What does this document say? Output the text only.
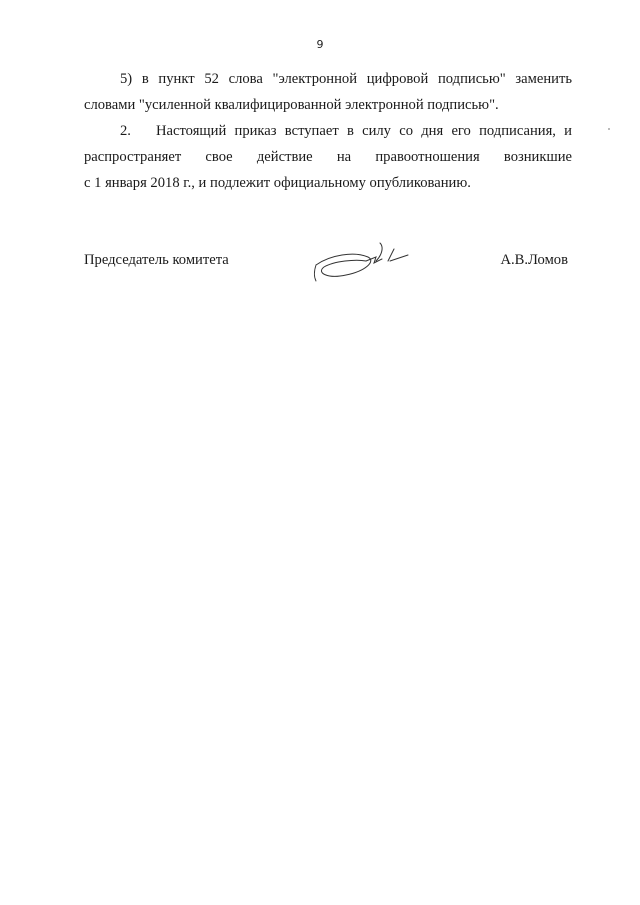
9
5) в пункт 52 слова "электронной цифровой подписью" заменить
словами "усиленной квалифицированной электронной подписью".
2. Настоящий приказ вступает в силу со дня его подписания, и
распространяет свое действие на правоотношения возникшие
с 1 января 2018 г., и подлежит официальному опубликованию.
Председатель комитета	А.В.Ломов
